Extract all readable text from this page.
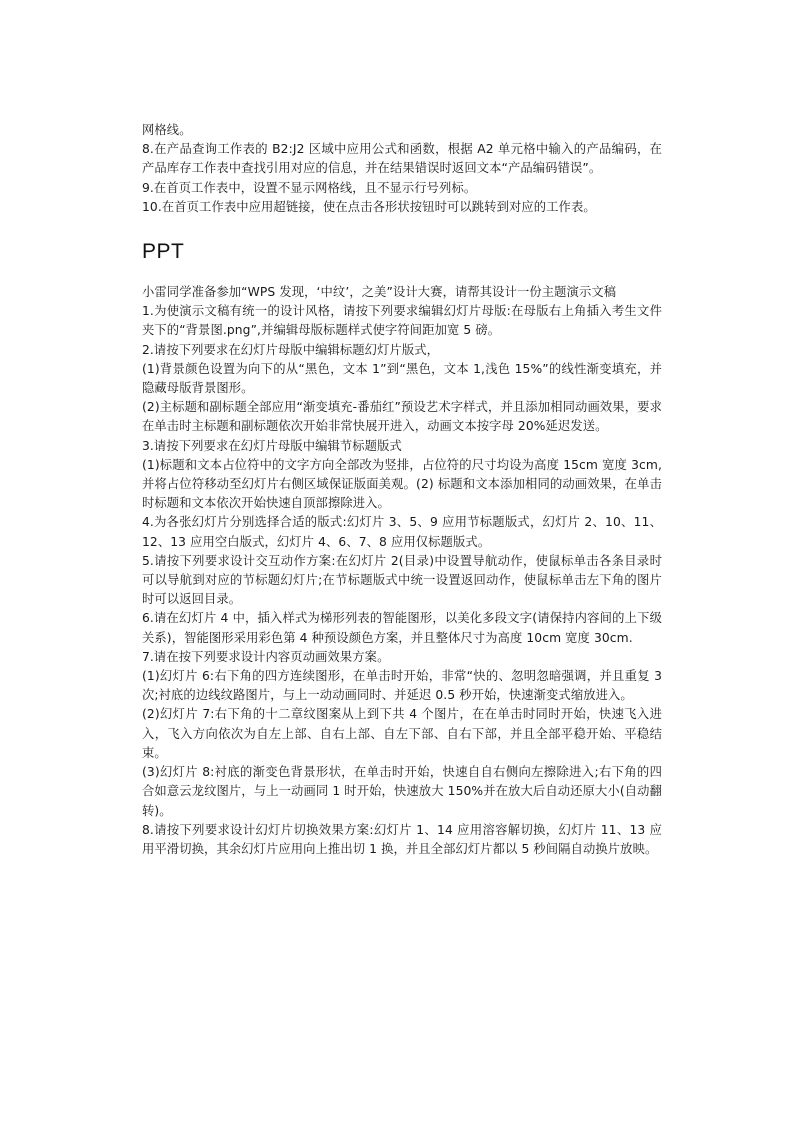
网格线。

8.在产品查询工作表的 B2:J2 区域中应用公式和函数，根据 A2 单元格中输入的产品编码，在产品库存工作表中查找引用对应的信息，并在结果错误时返回文本“产品编码错误”。

9.在首页工作表中，设置不显示网格线，且不显示行号列标。

10.在首页工作表中应用超链接，使在点击各形状按钮时可以跳转到对应的工作表。

PPT

小雷同学准备参加“WPS 发现，‘中纹’，之美”设计大赛，请帮其设计一份主题演示文稿

1.为使演示文稿有统一的设计风格，请按下列要求编辑幻灯片母版:在母版右上角插入考生文件夹下的“背景图.png”,并编辑母版标题样式使字符间距加宽 5 磅。

2.请按下列要求在幻灯片母版中编辑标题幻灯片版式，

(1)背景颜色设置为向下的从“黑色，文本 1”到“黑色，文本 1,浅色 15%”的线性渐变填充，并隐藏母版背景图形。

(2)主标题和副标题全部应用“渐变填充-番茄红”预设艺术字样式，并且添加相同动画效果，要求在单击时主标题和副标题依次开始非常快展开进入，动画文本按字母 20%延迟发送。

3.请按下列要求在幻灯片母版中编辑节标题版式

(1)标题和文本占位符中的文字方向全部改为竖排，占位符的尺寸均设为高度 15cm 宽度 3cm,并将占位符移动至幻灯片右侧区域保证版面美观。(2) 标题和文本添加相同的动画效果，在单击时标题和文本依次开始快速自顶部擦除进入。

4.为各张幻灯片分别选择合适的版式:幻灯片 3、5、9 应用节标题版式，幻灯片 2、10、11、12、13 应用空白版式，幻灯片 4、6、7、8 应用仅标题版式。

5.请按下列要求设计交互动作方案:在幻灯片 2(目录)中设置导航动作，使鼠标单击各条目录时可以导航到对应的节标题幻灯片;在节标题版式中统一设置返回动作，使鼠标单击左下角的图片时可以返回目录。

6.请在幻灯片 4 中，插入样式为梯形列表的智能图形，以美化多段文字(请保持内容间的上下级关系)，智能图形采用彩色第 4 种预设颜色方案，并且整体尺寸为高度 10cm 宽度 30cm.

7.请在按下列要求设计内容页动画效果方案。

(1)幻灯片 6:右下角的四方连续图形，在单击时开始，非常“快的、忽明忽暗强调，并且重复 3 次;衬底的边线纹路图片，与上一动动画同时、并延迟 0.5 秒开始，快速渐变式缩放进入。

(2)幻灯片 7:右下角的十二章纹图案从上到下共 4 个图片，在在单击时同时开始，快速飞入进入，飞入方向依次为自左上部、自右上部、自左下部、自右下部，并且全部平稳开始、平稳结束。

(3)幻灯片 8:衬底的渐变色背景形状，在单击时开始，快速自自右侧向左擦除进入;右下角的四合如意云龙纹图片，与上一动画同 1 时开始，快速放大 150%并在放大后自动还原大小(自动翻转)。

8.请按下列要求设计幻灯片切换效果方案:幻灯片 1、14 应用溶容解切换，幻灯片 11、13 应用平滑切换，其余幻灯片应用向上推出切 1 换，并且全部幻灯片都以 5 秒间隔自动换片放映。
